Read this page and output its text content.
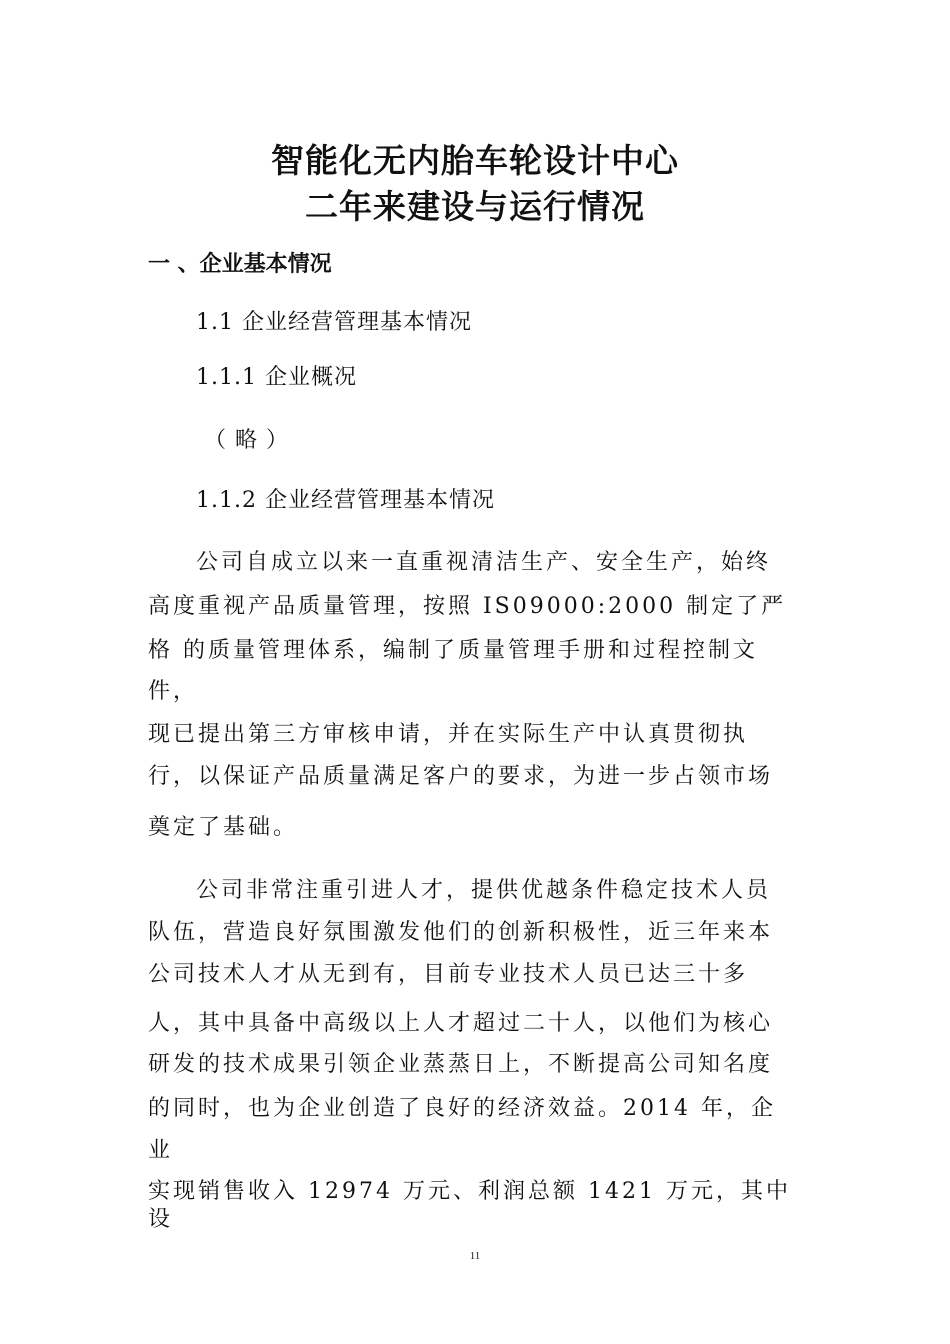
智能化无内胎车轮设计中心
二年来建设与运行情况
一 、企业基本情况
1.1 企业经营管理基本情况
1.1.1 企业概况
（ 略 ）
1.1.2 企业经营管理基本情况
公司自成立以来一直重视清洁生产、安全生产，始终
高度重视产品质量管理，按照 IS09000:2000 制定了严
格 的质量管理体系，编制了质量管理手册和过程控制文
件，
现已提出第三方审核申请，并在实际生产中认真贯彻执
行，以保证产品质量满足客户的要求，为进一步占领市场
奠定了基础。
公司非常注重引进人才，提供优越条件稳定技术人员
队伍，营造良好氛围激发他们的创新积极性，近三年来本
公司技术人才从无到有，目前专业技术人员已达三十多
人，其中具备中高级以上人才超过二十人，以他们为核心
研发的技术成果引领企业蒸蒸日上，不断提高公司知名度
的同时，也为企业创造了良好的经济效益。2014 年，企
业
实现销售收入 12974 万元、利润总额 1421 万元，其中
设
11
